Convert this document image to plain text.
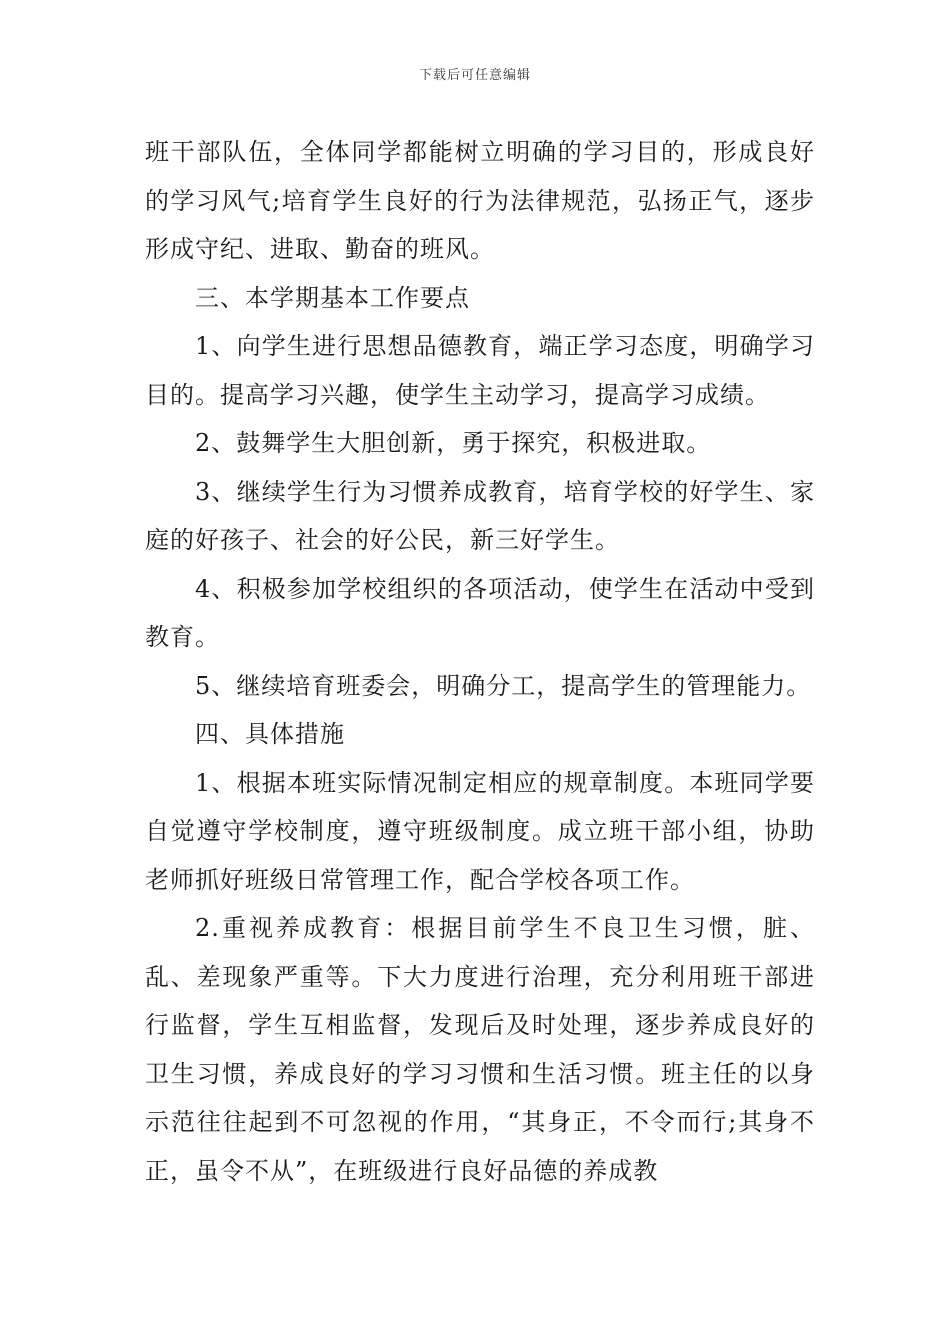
下载后可任意编辑

班干部队伍，全体同学都能树立明确的学习目的，形成良好的学习风气;培育学生良好的行为法律规范，弘扬正气，逐步形成守纪、进取、勤奋的班风。

三、本学期基本工作要点

1、向学生进行思想品德教育，端正学习态度，明确学习目的。提高学习兴趣，使学生主动学习，提高学习成绩。

2、鼓舞学生大胆创新，勇于探究，积极进取。

3、继续学生行为习惯养成教育，培育学校的好学生、家庭的好孩子、社会的好公民，新三好学生。

4、积极参加学校组织的各项活动，使学生在活动中受到教育。

5、继续培育班委会，明确分工，提高学生的管理能力。

四、具体措施

1、根据本班实际情况制定相应的规章制度。本班同学要自觉遵守学校制度，遵守班级制度。成立班干部小组，协助老师抓好班级日常管理工作，配合学校各项工作。

2.重视养成教育：根据目前学生不良卫生习惯，脏、乱、差现象严重等。下大力度进行治理，充分利用班干部进行监督，学生互相监督，发现后及时处理，逐步养成良好的卫生习惯，养成良好的学习习惯和生活习惯。班主任的以身示范往往起到不可忽视的作用，“其身正，不令而行;其身不正，虽令不从”，在班级进行良好品德的养成教
